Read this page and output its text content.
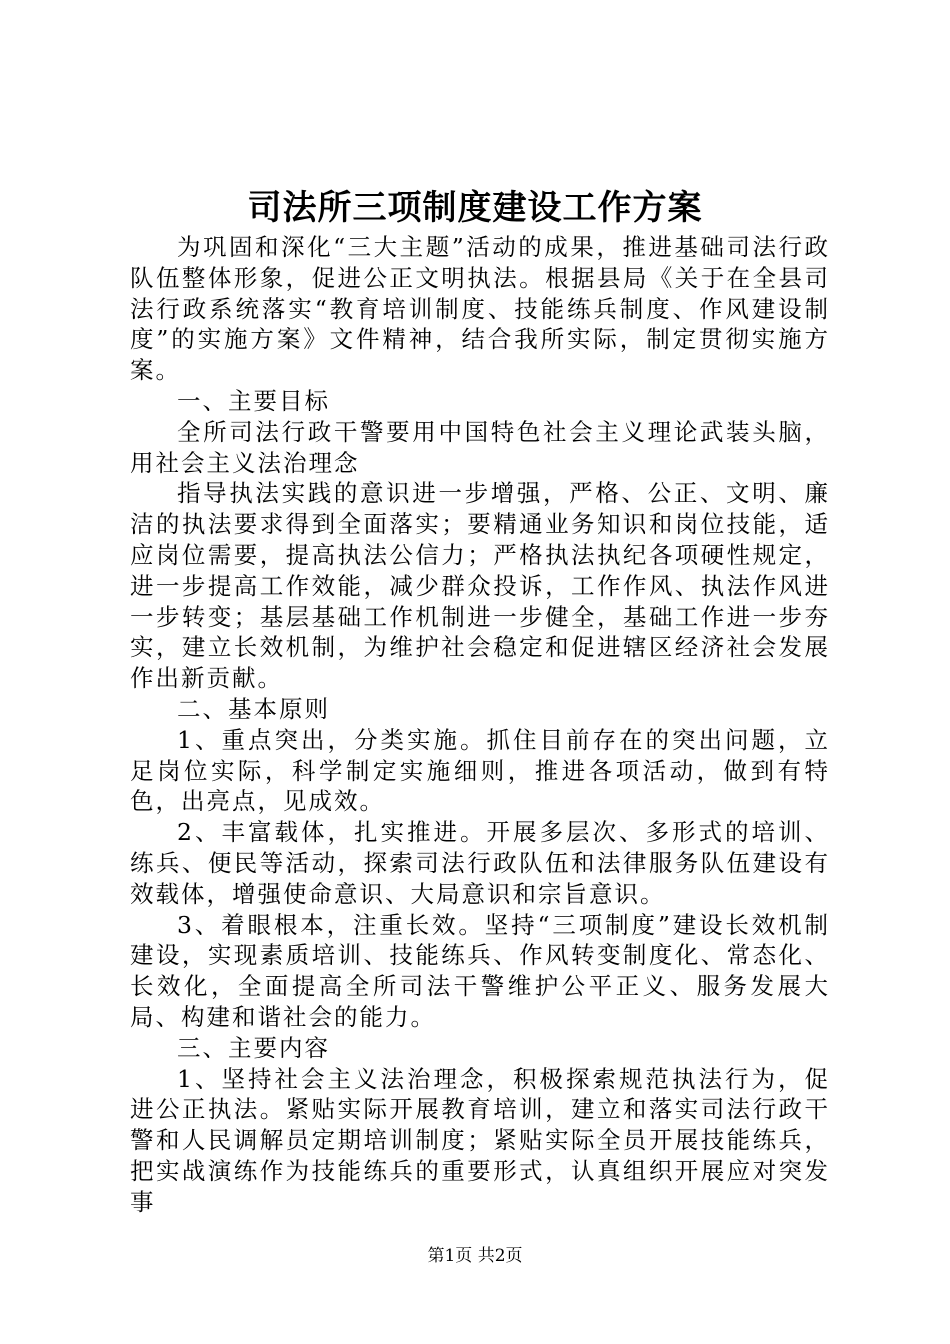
司法所三项制度建设工作方案

为巩固和深化“三大主题”活动的成果，推进基础司法行政队伍整体形象，促进公正文明执法。根据县局《关于在全县司法行政系统落实“教育培训制度、技能练兵制度、作风建设制度”的实施方案》文件精神，结合我所实际，制定贯彻实施方案。

一、主要目标

全所司法行政干警要用中国特色社会主义理论武装头脑，用社会主义法治理念

指导执法实践的意识进一步增强，严格、公正、文明、廉洁的执法要求得到全面落实；要精通业务知识和岗位技能，适应岗位需要，提高执法公信力；严格执法执纪各项硬性规定，进一步提高工作效能，减少群众投诉，工作作风、执法作风进一步转变；基层基础工作机制进一步健全，基础工作进一步夯实，建立长效机制，为维护社会稳定和促进辖区经济社会发展作出新贡献。

二、基本原则

1、重点突出，分类实施。抓住目前存在的突出问题，立足岗位实际，科学制定实施细则，推进各项活动，做到有特色，出亮点，见成效。

2、丰富载体，扎实推进。开展多层次、多形式的培训、练兵、便民等活动，探索司法行政队伍和法律服务队伍建设有效载体，增强使命意识、大局意识和宗旨意识。

3、着眼根本，注重长效。坚持“三项制度”建设长效机制建设，实现素质培训、技能练兵、作风转变制度化、常态化、长效化，全面提高全所司法干警维护公平正义、服务发展大局、构建和谐社会的能力。

三、主要内容

1、坚持社会主义法治理念，积极探索规范执法行为，促进公正执法。紧贴实际开展教育培训，建立和落实司法行政干警和人民调解员定期培训制度；紧贴实际全员开展技能练兵，把实战演练作为技能练兵的重要形式，认真组织开展应对突发事

第1页 共2页
